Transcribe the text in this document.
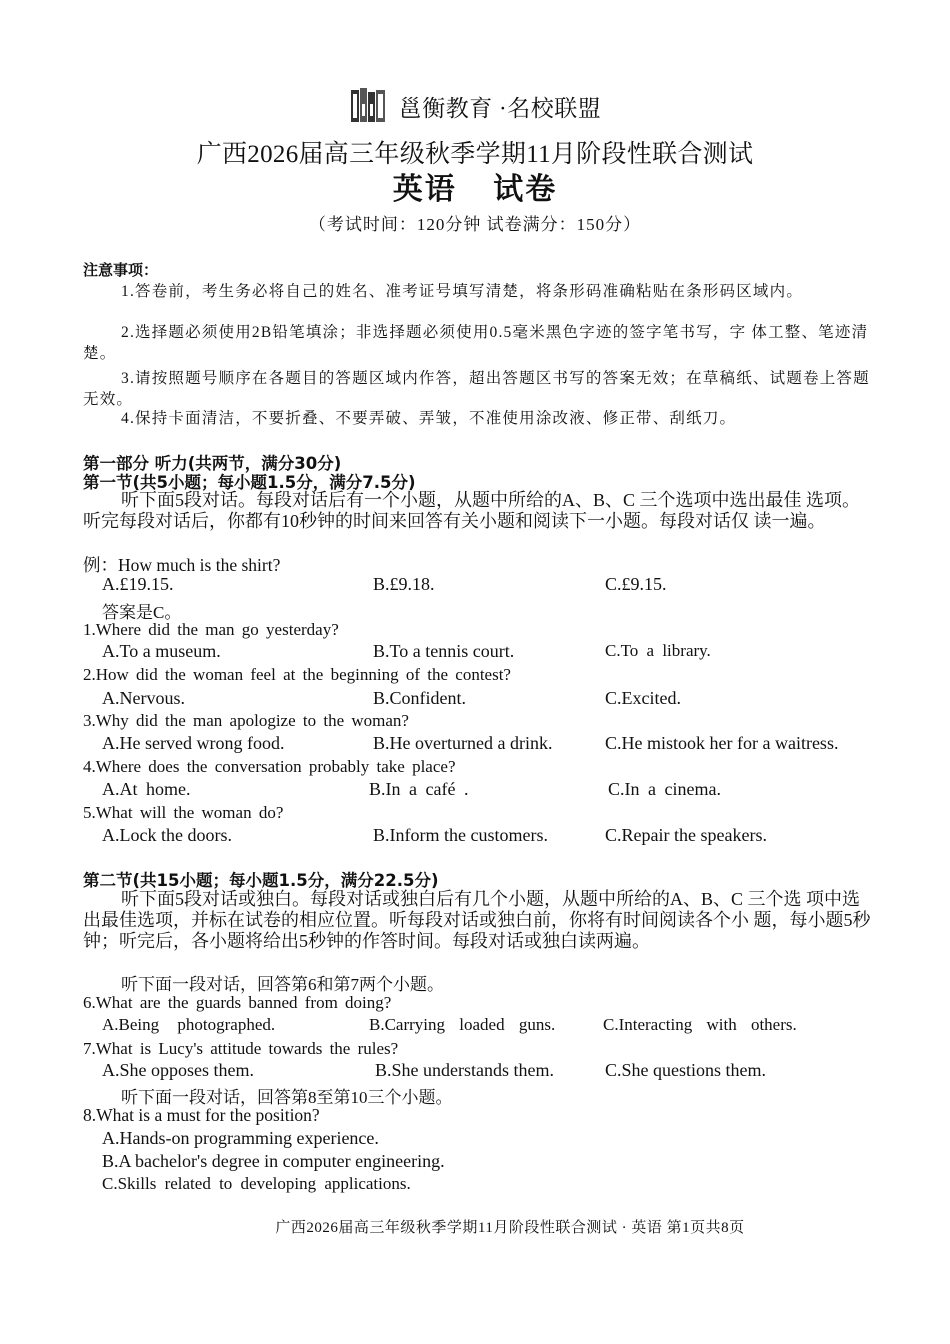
邕衡教育 ·名校联盟
广西2026届高三年级秋季学期11月阶段性联合测试
英语 试卷
（考试时间：120分钟 试卷满分：150分）
注意事项：
1.答卷前，考生务必将自己的姓名、准考证号填写清楚，将条形码准确粘贴在条形码区域内。
2.选择题必须使用2B铅笔填涂；非选择题必须使用0.5毫米黑色字迹的签字笔书写，字 体工整、笔迹清楚。
3.请按照题号顺序在各题目的答题区域内作答，超出答题区书写的答案无效；在草稿纸、试题卷上答题无效。
4.保持卡面清洁，不要折叠、不要弄破、弄皱，不准使用涂改液、修正带、刮纸刀。
第一部分 听力(共两节，满分30分)
第一节(共5小题；每小题1.5分，满分7.5分)
听下面5段对话。每段对话后有一个小题，从题中所给的A、B、C 三个选项中选出最佳 选项。听完每段对话后，你都有10秒钟的时间来回答有关小题和阅读下一小题。每段对话仅 读一遍。
例：How much is the shirt?
A.£19.15.	B.£9.18.	C.£9.15.
答案是C。
1.Where did the man go yesterday?
A.To a museum.	B.To a tennis court.	C.To a library.
2.How did the woman feel at the beginning of the contest?
A.Nervous.	B.Confident.	C.Excited.
3.Why did the man apologize to the woman?
A.He served wrong food.	B.He overturned a drink.	C.He mistook her for a waitress.
4.Where does the conversation probably take place?
A.At home.	B.In a café .	C.In a cinema.
5.What will the woman do?
A.Lock the doors.	B.Inform the customers.	C.Repair the speakers.
第二节(共15小题；每小题1.5分，满分22.5分)
听下面5段对话或独白。每段对话或独白后有几个小题，从题中所给的A、B、C 三个选 项中选出最佳选项，并标在试卷的相应位置。听每段对话或独白前，你将有时间阅读各个小 题，每小题5秒钟；听完后，各小题将给出5秒钟的作答时间。每段对话或独白读两遍。
听下面一段对话，回答第6和第7两个小题。
6.What are the guards banned from doing?
A.Being photographed.	B.Carrying loaded guns.	C.Interacting with others.
7.What is Lucy's attitude towards the rules?
A.She opposes them.	B.She understands them.	C.She questions them.
听下面一段对话，回答第8至第10三个小题。
8.What is a must for the position?
A.Hands-on programming experience.
B.A bachelor's degree in computer engineering.
C.Skills related to developing applications.
广西2026届高三年级秋季学期11月阶段性联合测试 · 英语 第1页共8页
